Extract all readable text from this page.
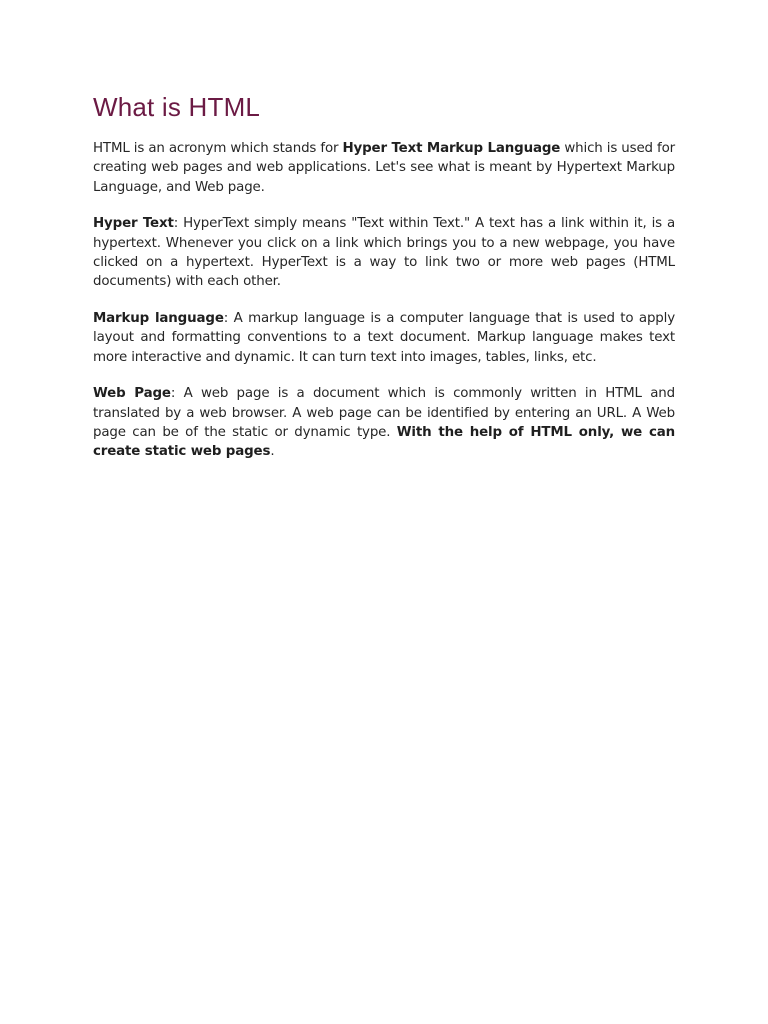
What is HTML

HTML is an acronym which stands for Hyper Text Markup Language which is used for creating web pages and web applications. Let's see what is meant by Hypertext Markup Language, and Web page.

Hyper Text: HyperText simply means "Text within Text." A text has a link within it, is a hypertext. Whenever you click on a link which brings you to a new webpage, you have clicked on a hypertext. HyperText is a way to link two or more web pages (HTML documents) with each other.

Markup language: A markup language is a computer language that is used to apply layout and formatting conventions to a text document. Markup language makes text more interactive and dynamic. It can turn text into images, tables, links, etc.

Web Page: A web page is a document which is commonly written in HTML and translated by a web browser. A web page can be identified by entering an URL. A Web page can be of the static or dynamic type. With the help of HTML only, we can create static web pages.
